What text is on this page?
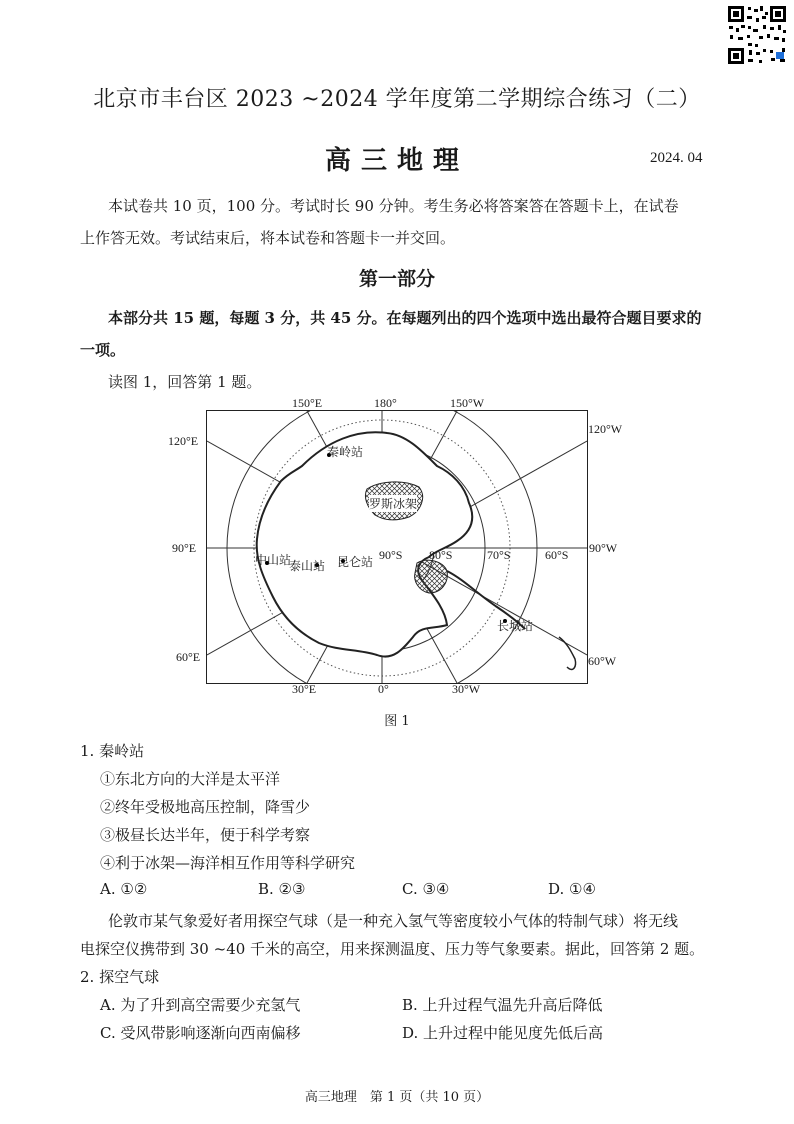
北京市丰台区 2023 ~2024 学年度第二学期综合练习（二）
高三地理	2024. 04
本试卷共 10 页，100 分。考试时长 90 分钟。考生务必将答案答在答题卡上，在试卷
上作答无效。考试结束后，将本试卷和答题卡一并交回。
第一部分
本部分共 15 题，每题 3 分，共 45 分。在每题列出的四个选项中选出最符合题目要求的
一项。
读图 1，回答第 1 题。
秦岭站
罗斯冰架
中山站
泰山站 昆仑站 90°S 80°S	70°S	60°S
长城站
150°E	180°	150°W
120°E
120°W
90°E	90°W
60°E	60°W
30°E	0°	30°W
图 1
1. 秦岭站
①东北方向的大洋是太平洋
②终年受极地高压控制，降雪少
③极昼长达半年，便于科学考察
④利于冰架—海洋相互作用等科学研究
A. ①②	B. ②③	C. ③④	D. ①④
伦敦市某气象爱好者用探空气球（是一种充入氢气等密度较小气体的特制气球）将无线
电探空仪携带到 30 ~40 千米的高空，用来探测温度、压力等气象要素。据此，回答第 2 题。
2. 探空气球
A. 为了升到高空需要少充氢气	B. 上升过程气温先升高后降低
C. 受风带影响逐渐向西南偏移	D. 上升过程中能见度先低后高
高三地理　第 1 页（共 10 页）
